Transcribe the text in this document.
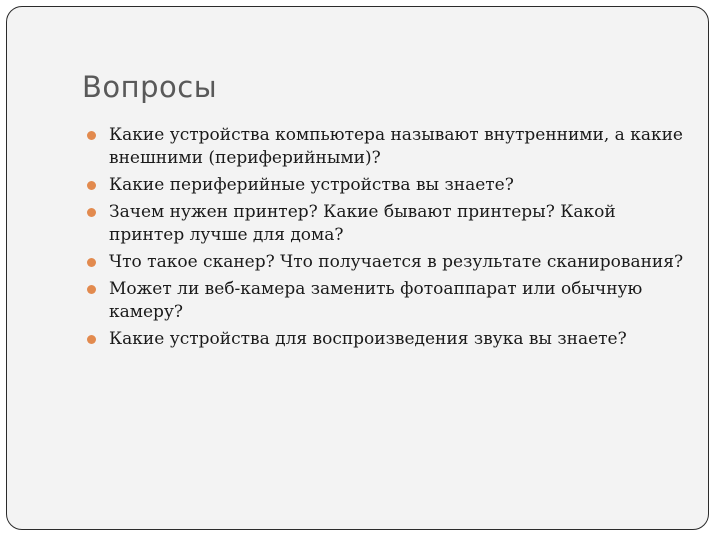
Вопросы
Какие устройства компьютера называют внутренними, а какие внешними (периферийными)?
Какие периферийные устройства вы знаете?
Зачем нужен принтер? Какие бывают принтеры? Какой принтер лучше для дома?
Что такое сканер? Что получается в результате сканирования?
Может ли веб-камера заменить фотоаппарат или обычную камеру?
Какие устройства для воспроизведения звука вы знаете?
